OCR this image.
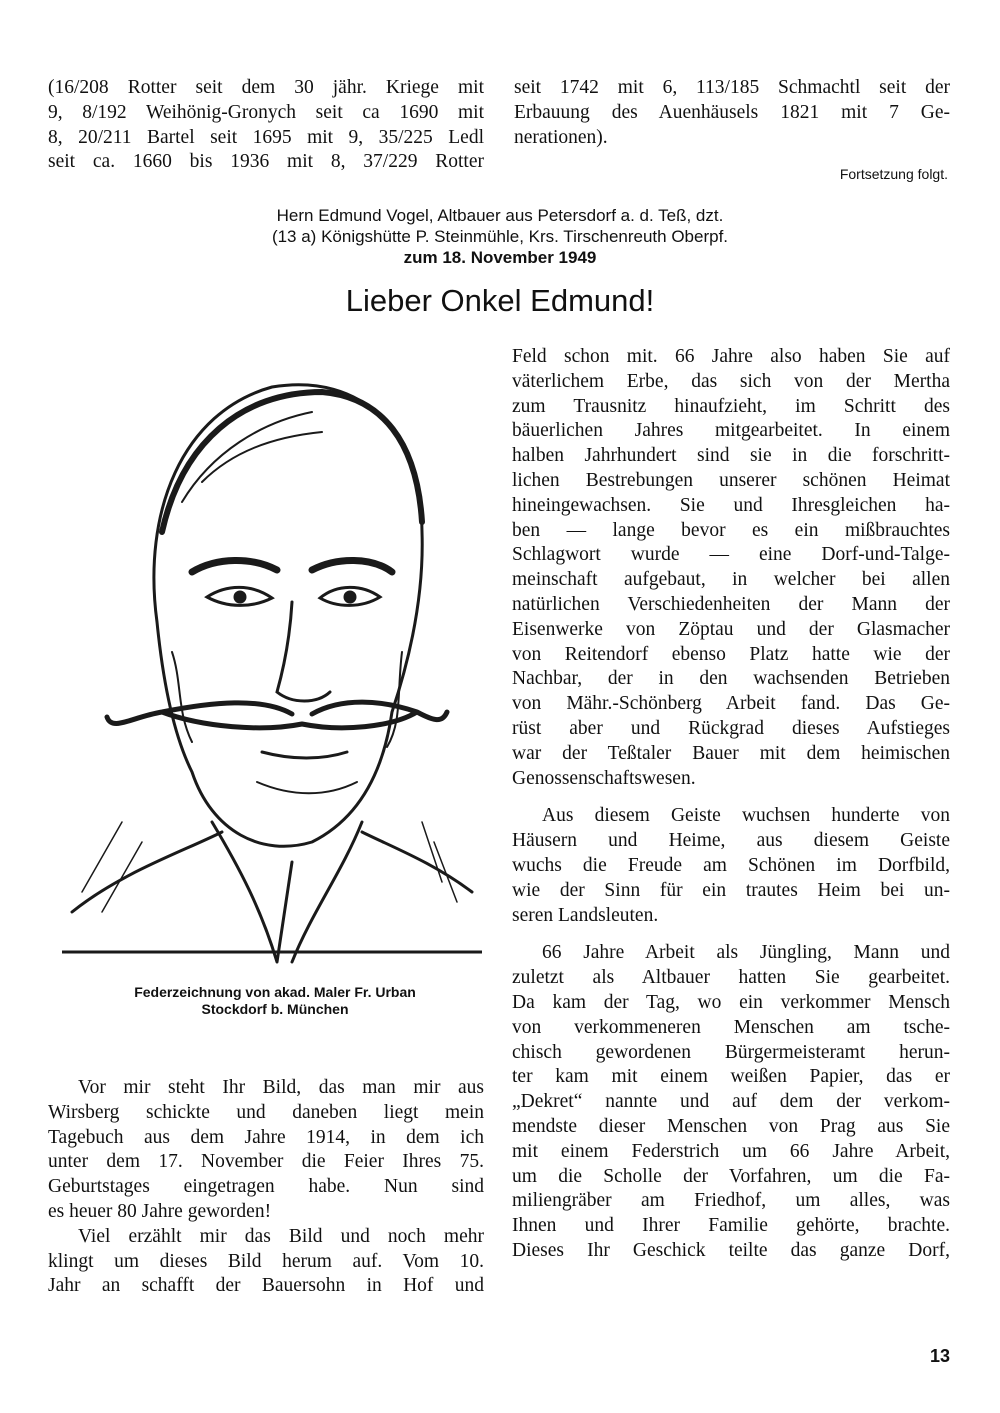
(16/208 Rotter seit dem 30 jähr. Kriege mit
9, 8/192 Weihönig-Gronych seit ca 1690 mit
8, 20/211 Bartel seit 1695 mit 9, 35/225 Ledl
seit ca. 1660 bis 1936 mit 8, 37/229 Rotter
seit 1742 mit 6, 113/185 Schmachtl seit der
Erbauung des Auenhäusels 1821 mit 7 Ge-
nerationen).
Fortsetzung folgt.
Hern Edmund Vogel, Altbauer aus Petersdorf a. d. Teß, dzt.
(13 a) Königshütte P. Steinmühle, Krs. Tirschenreuth Oberpf.
zum 18. November 1949
Lieber Onkel Edmund!
Federzeichnung von akad. Maler Fr. Urban
Stockdorf b. München

Feld schon mit. 66 Jahre also haben Sie auf
väterlichem Erbe, das sich von der Mertha
zum Trausnitz hinaufzieht, im Schritt des
bäuerlichen Jahres mitgearbeitet. In einem
halben Jahrhundert sind sie in die forschritt-
lichen Bestrebungen unserer schönen Heimat
hineingewachsen. Sie und Ihresgleichen ha-
ben — lange bevor es ein mißbrauchtes
Schlagwort wurde — eine Dorf-und-Talge-
meinschaft aufgebaut, in welcher bei allen
natürlichen Verschiedenheiten der Mann der
Eisenwerke von Zöptau und der Glasmacher
von Reitendorf ebenso Platz hatte wie der
Nachbar, der in den wachsenden Betrieben
von Mähr.-Schönberg Arbeit fand. Das Ge-
rüst aber und Rückgrad dieses Aufstieges
war der Teßtaler Bauer mit dem heimischen
Genossenschaftswesen.

Aus diesem Geiste wuchsen hunderte von
Häusern und Heime, aus diesem Geiste
wuchs die Freude am Schönen im Dorfbild,
wie der Sinn für ein trautes Heim bei un-
seren Landsleuten.

66 Jahre Arbeit als Jüngling, Mann und
zuletzt als Altbauer hatten Sie gearbeitet.
Da kam der Tag, wo ein verkommer Mensch
von verkommeneren Menschen am tsche-
chisch gewordenen Bürgermeisteramt herun-
ter kam mit einem weißen Papier, das er
„Dekret“ nannte und auf dem der verkom-
mendste dieser Menschen von Prag aus Sie
mit einem Federstrich um 66 Jahre Arbeit,
um die Scholle der Vorfahren, um die Fa-
miliengräber am Friedhof, um alles, was
Ihnen und Ihrer Familie gehörte, brachte.
Dieses Ihr Geschick teilte das ganze Dorf,

Vor mir steht Ihr Bild, das man mir aus
Wirsberg schickte und daneben liegt mein
Tagebuch aus dem Jahre 1914, in dem ich
unter dem 17. November die Feier Ihres 75.
Geburtstages eingetragen habe. Nun sind
es heuer 80 Jahre geworden!

Viel erzählt mir das Bild und noch mehr
klingt um dieses Bild herum auf. Vom 10.
Jahr an schafft der Bauersohn in Hof und

13
